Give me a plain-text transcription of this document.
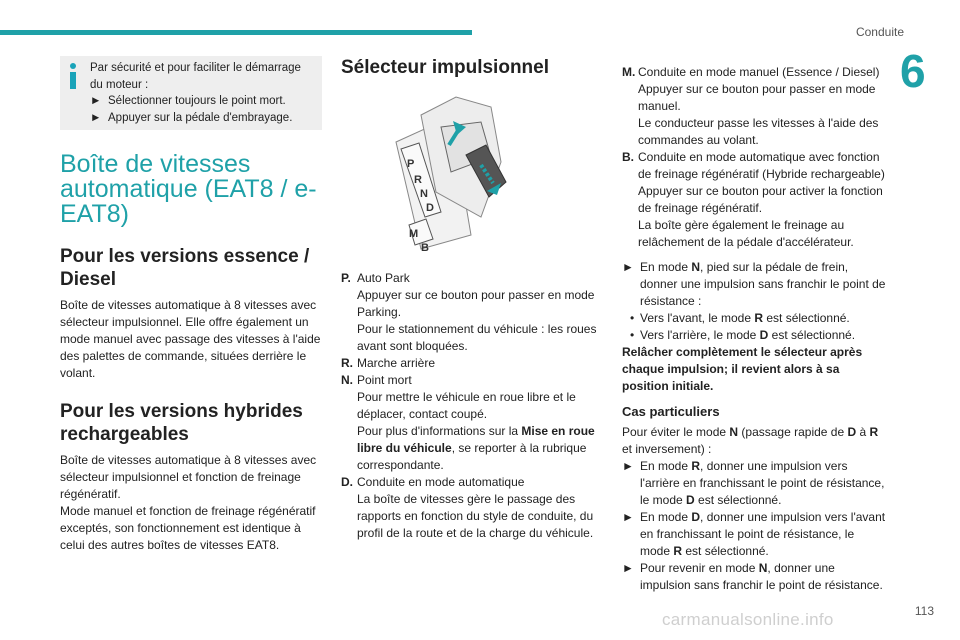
Conduite
6
Par sécurité et pour faciliter le démarrage du moteur :
► Sélectionner toujours le point mort.
► Appuyer sur la pédale d'embrayage.
Boîte de vitesses automatique (EAT8 / e-EAT8)
Pour les versions essence / Diesel
Boîte de vitesses automatique à 8 vitesses avec sélecteur impulsionnel. Elle offre également un mode manuel avec passage des vitesses à l'aide des palettes de commande, situées derrière le volant.
Pour les versions hybrides rechargeables
Boîte de vitesses automatique à 8 vitesses avec sélecteur impulsionnel et fonction de freinage régénératif.
Mode manuel et fonction de freinage régénératif exceptés, son fonctionnement est identique à celui des autres boîtes de vitesses EAT8.
Sélecteur impulsionnel
P
R
N
D
M
B
P. Auto Park
Appuyer sur ce bouton pour passer en mode Parking.
Pour le stationnement du véhicule : les roues avant sont bloquées.
R. Marche arrière
N. Point mort
Pour mettre le véhicule en roue libre et le déplacer, contact coupé.
Pour plus d'informations sur la Mise en roue libre du véhicule, se reporter à la rubrique correspondante.
D. Conduite en mode automatique
La boîte de vitesses gère le passage des rapports en fonction du style de conduite, du profil de la route et de la charge du véhicule.
M. Conduite en mode manuel (Essence / Diesel)
Appuyer sur ce bouton pour passer en mode manuel.
Le conducteur passe les vitesses à l'aide des commandes au volant.
B. Conduite en mode automatique avec fonction de freinage régénératif (Hybride rechargeable)
Appuyer sur ce bouton pour activer la fonction de freinage régénératif.
La boîte gère également le freinage au relâchement de la pédale d'accélérateur.
► En mode N, pied sur la pédale de frein, donner une impulsion sans franchir le point de résistance :
• Vers l'avant, le mode R est sélectionné.
• Vers l'arrière, le mode D est sélectionné.
Relâcher complètement le sélecteur après chaque impulsion; il revient alors à sa position initiale.
Cas particuliers
Pour éviter le mode N (passage rapide de D à R et inversement) :
► En mode R, donner une impulsion vers l'arrière en franchissant le point de résistance, le mode D est sélectionné.
► En mode D, donner une impulsion vers l'avant en franchissant le point de résistance, le mode R est sélectionné.
► Pour revenir en mode N, donner une impulsion sans franchir le point de résistance.
113
carmanualsonline.info
